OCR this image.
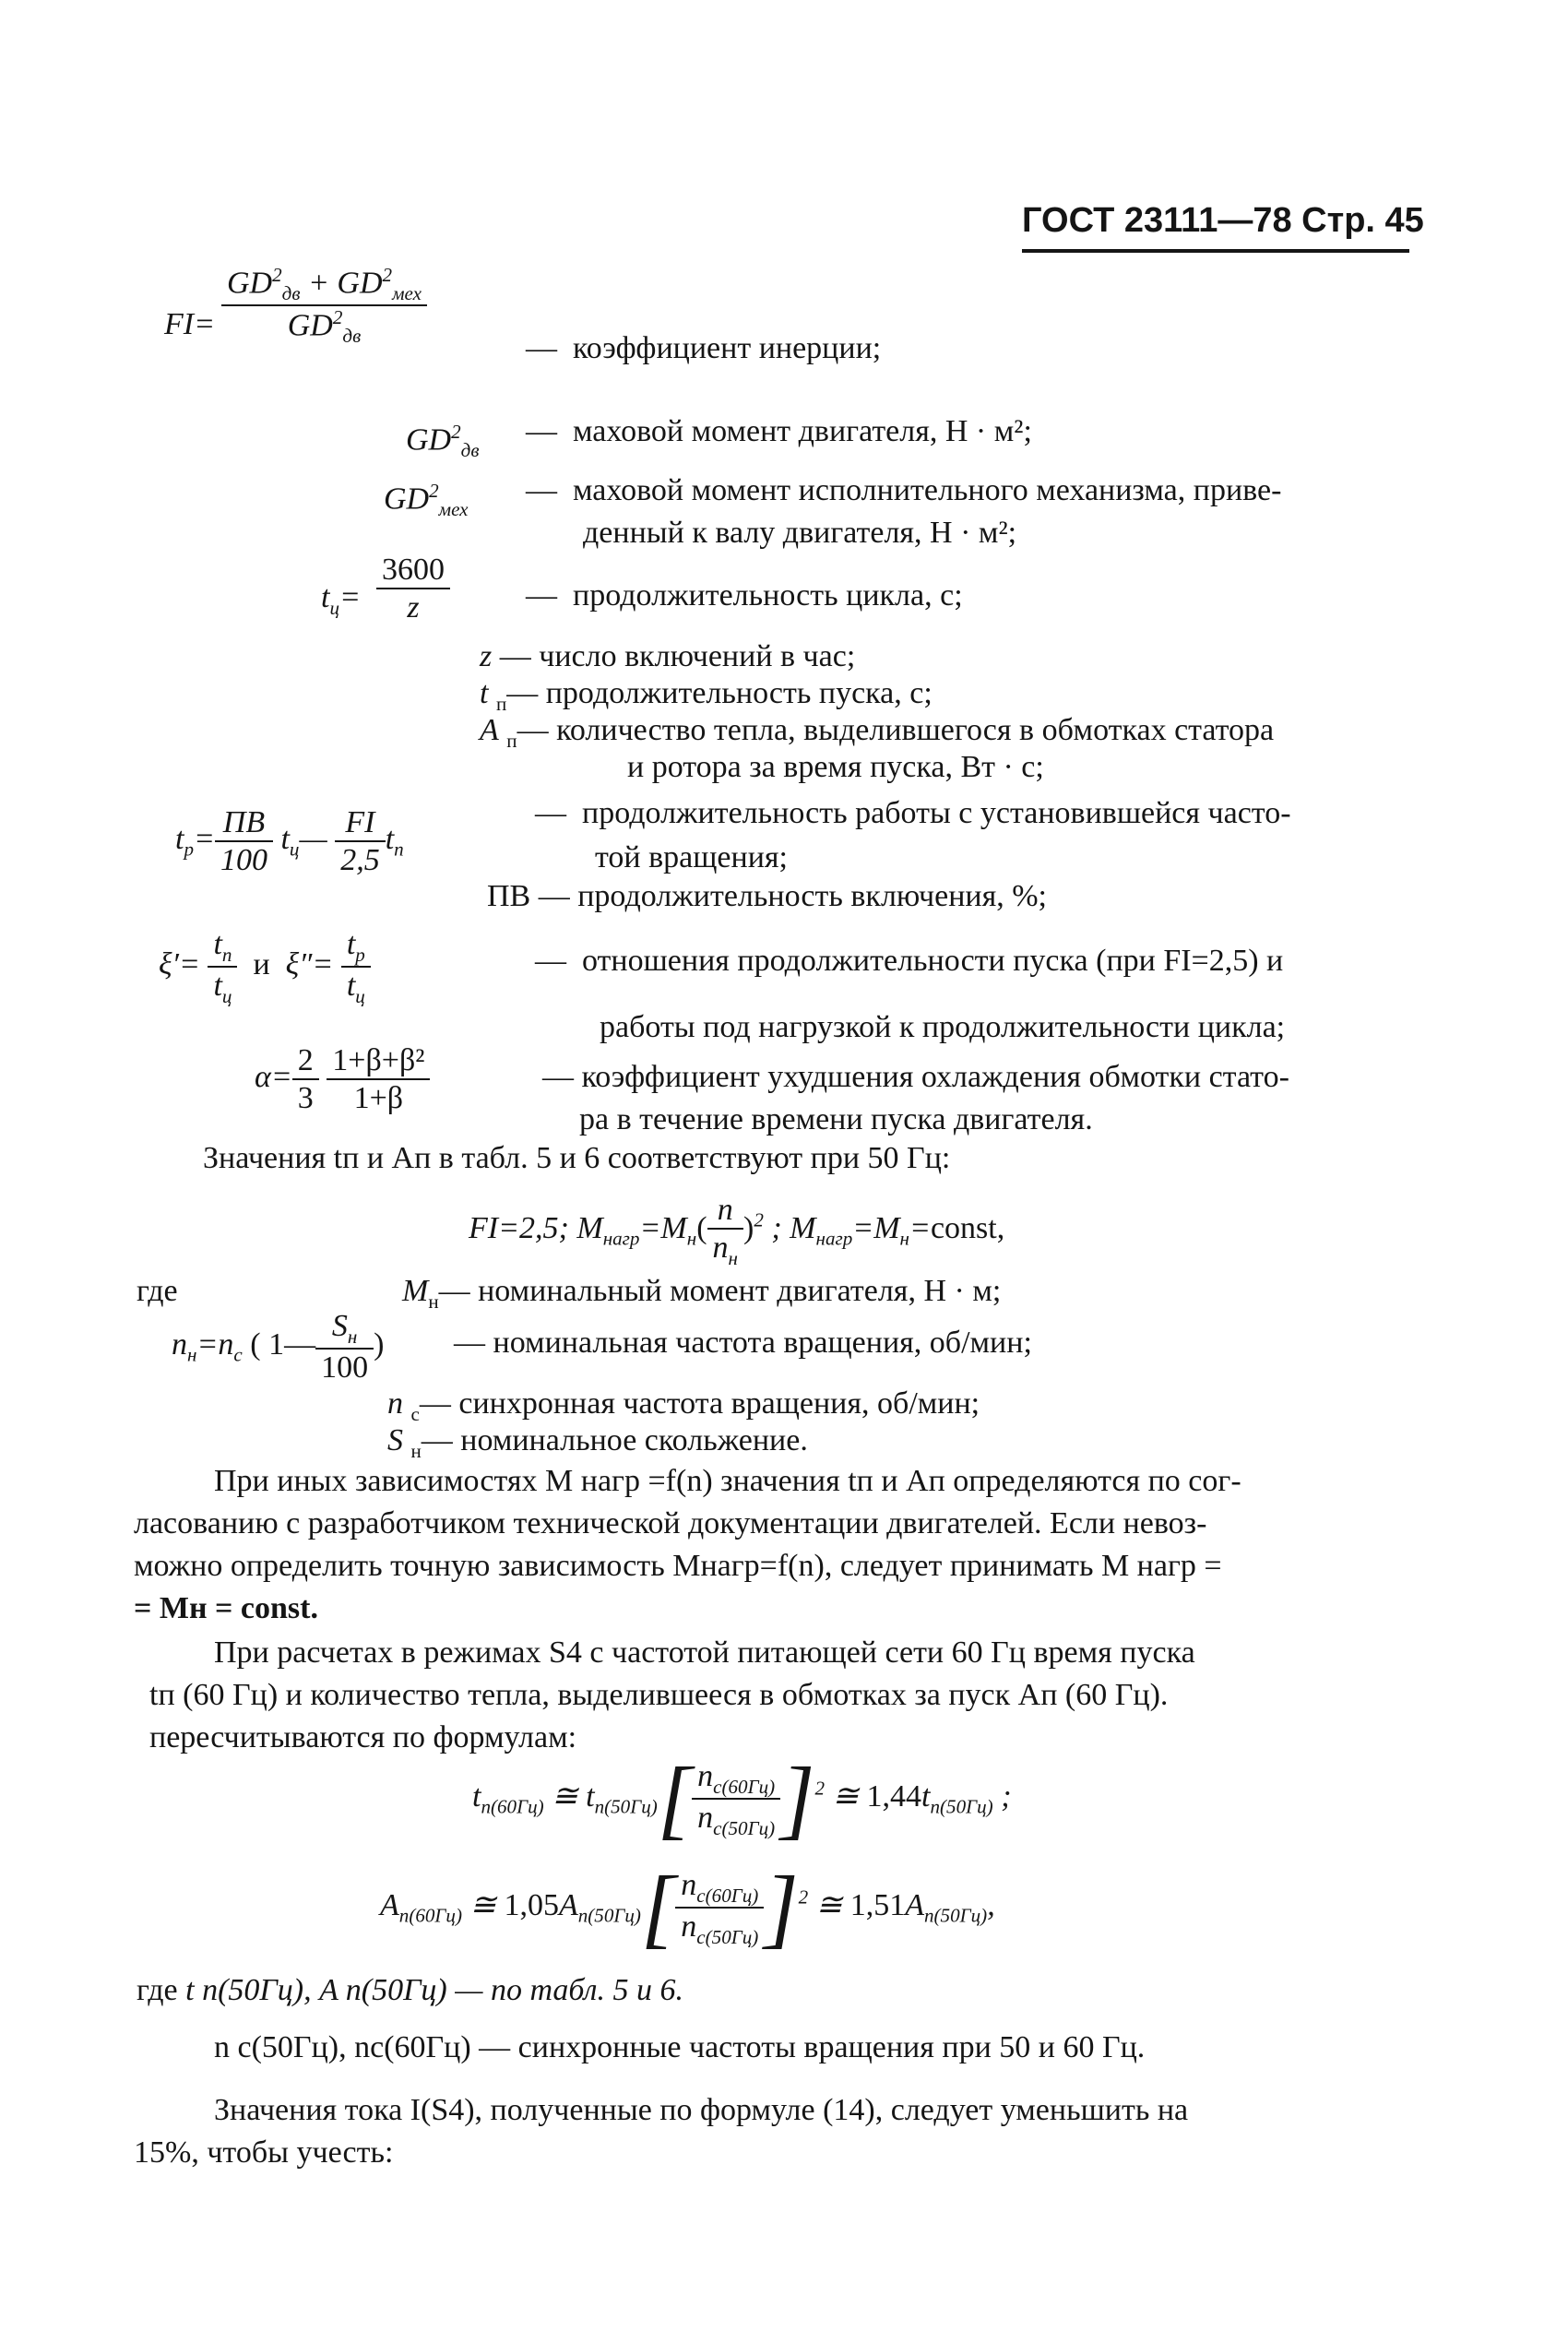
ГОСТ 23111—78 Стр. 45
$FI= \frac{GD^2_{дв} + GD^2_{мех}}{GD^2_{дв}}$
—  коэффициент инерции;
$GD^2_{дв}$
—  маховой момент двигателя, Н · м²;
$GD^2_{мех}$
—  маховой момент исполнительного механизма, приве-
денный к валу двигателя, Н · м²;
$t_ц= \frac{3600}{z}$ —  продолжительность цикла, с;
z — число включений в час;
t $_п$— продолжительность пуска, с;
A $_п$— количество тепла, выделившегося в обмотках статора
и ротора за время пуска, Вт · с;
$t_р= \frac{ПВ}{100}$ $t_ц— \frac{FI}{2,5} t_п$
—  продолжительность работы с установившейся часто-
той вращения;
ПВ — продолжительность включения, %;
$\xi'= \frac{t_п}{t_ц}$ и  $\xi''= \frac{t_р}{t_ц}$	—  отношения продолжительности пуска (при FI=2,5) и
работы под нагрузкой к продолжительности цикла;
$\alpha= \frac{2}{3}$
$\frac{\text{1+β+β²}}{1+\beta}$	— коэффициент ухудшения охлаждения обмотки стато-
ра в течение времени пуска двигателя.
Значения tп и Aп в табл. 5 и 6 соответствуют при 50 Гц:
FI=2,5; $M_{нагр}=M_н( \frac{n}{n_н} )^2$ ; $M_{нагр}=M_н=const$,
где	$M_н—$ номинальный момент двигателя, Н · м;
$n_н=n_с$ ( 1— $\frac{S_н}{100}$ ) — номинальная частота вращения, об/мин;
n $_с$— синхронная частота вращения, об/мин;
S $_н$— номинальное скольжение.
При иных зависимостях M нагр =f(n) значения tп и Aп определяются по сог-
ласованию с разработчиком технической документации двигателей. Если невоз-
можно определить точную зависимость Mнагр=f(n), следует принимать M нагр =
= Mн = const.
При расчетах в режимах S4 с частотой питающей сети 60 Гц время пуска
tп (60 Гц) и количество тепла, выделившееся в обмотках за пуск Aп (60 Гц).
пересчитываются по формулам:
$t_{п(60Гц)}$ ≅ $t_{п(50Гц)}[ \frac{n_{с(60Гц)}}{n_{с(50Гц)}} ]^2$ ≅ $1,44t_{п(50Гц)}$ ;
$A_{п(60Гц)}$ ≅ $1,05A_{п(50Гц)}[ \frac{n_{с(60Гц)}}{n_{с(50Гц)}} ]^2$ ≅ $1,51A_{п(50Гц)}$,
где t п(50Гц), A п(50Гц) — по табл. 5 и 6.
n с(50Гц), nс(60Гц) — синхронные частоты вращения при 50 и 60 Гц.
Значения тока I(S4), полученные по формуле (14), следует уменьшить на
15%, чтобы учесть:
